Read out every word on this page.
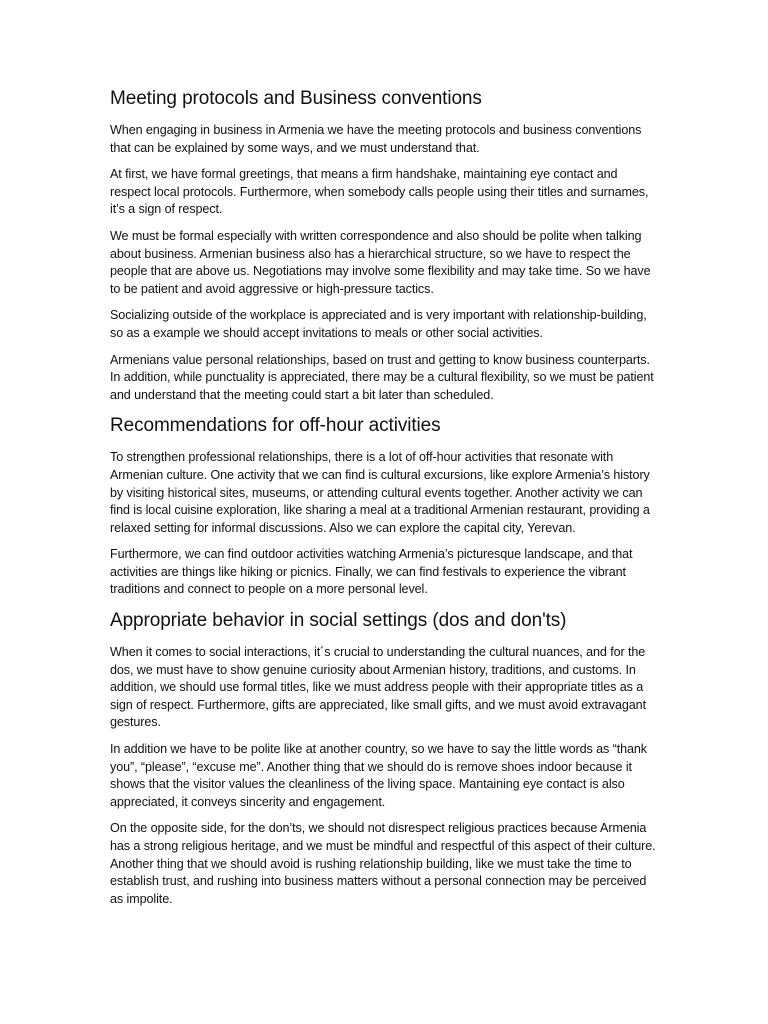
Meeting protocols and Business conventions

When engaging in business in Armenia we have the meeting protocols and business conventions that can be explained by some ways, and we must understand that.

At first, we have formal greetings, that means a firm handshake, maintaining eye contact and respect local protocols. Furthermore, when somebody calls people using their titles and surnames, it’s a sign of respect.

We must be formal especially with written correspondence and also should be polite when talking about business. Armenian business also has a hierarchical structure, so we have to respect the people that are above us. Negotiations may involve some flexibility and may take time. So we have to be patient and avoid aggressive or high-pressure tactics.

Socializing outside of the workplace is appreciated and is very important with relationship-building, so as a example we should accept invitations to meals or other social activities.

Armenians value personal relationships, based on trust and getting to know business counterparts. In addition, while punctuality is appreciated, there may be a cultural flexibility, so we must be patient and understand that the meeting could start a bit later than scheduled.

Recommendations for off-hour activities

To strengthen professional relationships, there is a lot of off-hour activities that resonate with Armenian culture. One activity that we can find is cultural excursions, like explore Armenia’s history by visiting historical sites, museums, or attending cultural events together. Another activity we can find is local cuisine exploration, like sharing a meal at a traditional Armenian restaurant, providing a relaxed setting for informal discussions. Also we can explore the capital city, Yerevan.

Furthermore, we can find outdoor activities watching Armenia’s picturesque landscape, and that activities are things like hiking or picnics. Finally, we can find festivals to experience the vibrant traditions and connect to people on a more personal level.

Appropriate behavior in social settings (dos and don'ts)

When it comes to social interactions, it´s crucial to understanding the cultural nuances, and for the dos, we must have to show genuine curiosity about Armenian history, traditions, and customs. In addition, we should use formal titles, like we must address people with their appropriate titles as a sign of respect. Furthermore, gifts are appreciated, like small gifts, and we must avoid extravagant gestures.

In addition we have to be polite like at another country, so we have to say the little words as “thank you”, “please”, “excuse me”. Another thing that we should do is remove shoes indoor because it shows that the visitor values the cleanliness of the living space. Mantaining eye contact is also appreciated, it conveys sincerity and engagement.

On the opposite side, for the don’ts, we should not disrespect religious practices because Armenia has a strong religious heritage, and we must be mindful and respectful of this aspect of their culture. Another thing that we should avoid is rushing relationship building, like we must take the time to establish trust, and rushing into business matters without a personal connection may be perceived as impolite.
